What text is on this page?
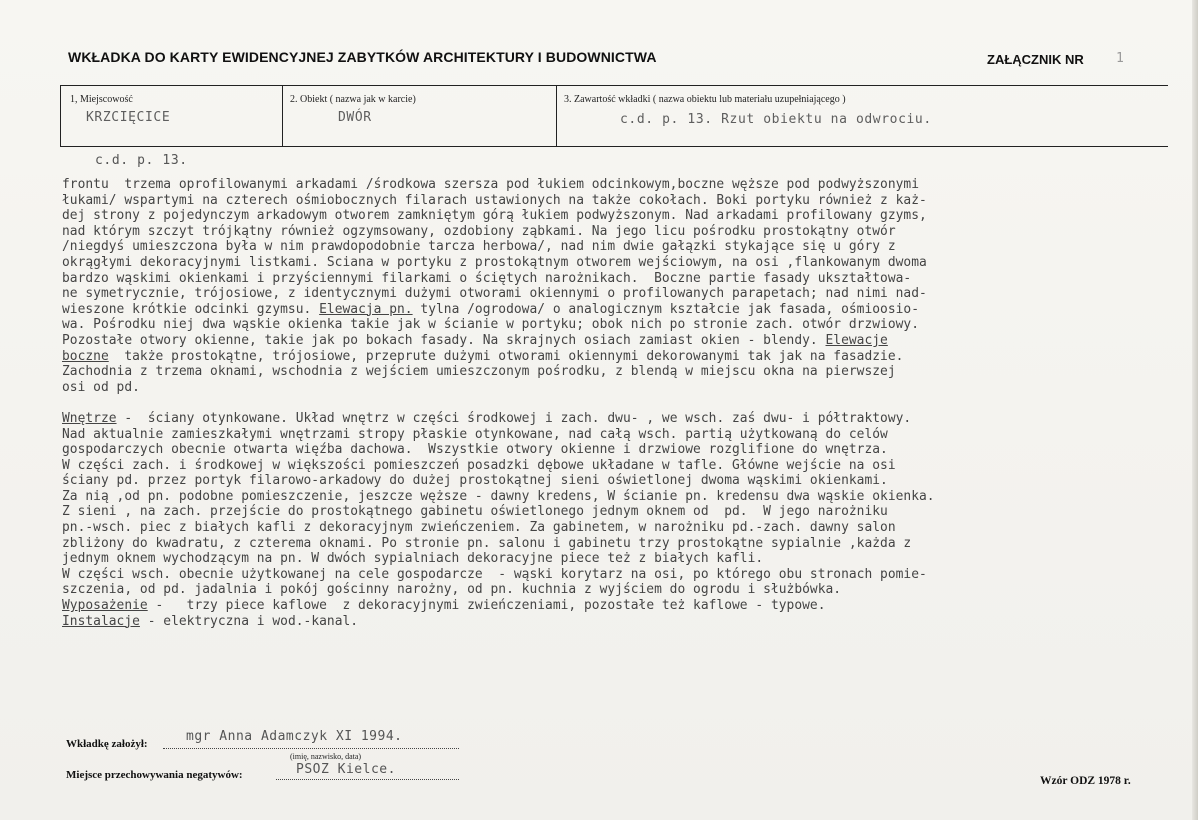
WKŁADKA DO KARTY EWIDENCYJNEJ ZABYTKÓW ARCHITEKTURY I BUDOWNICTWA	ZAŁĄCZNIK NR 1
1, Miejscowość
KRZCIĘCICE
2. Obiekt ( nazwa jak w karcie)
DWÓR
3. Zawartość wkładki ( nazwa obiektu lub materiału uzupełniającego )
c.d. p. 13. Rzut obiektu na odwrociu.
c.d. p. 13.
frontu  trzema oprofilowanymi arkadami /środkowa szersza pod łukiem odcinkowym,boczne węższe pod podwyższonymi
łukami/ wspartymi na czterech ośmiobocznych filarach ustawionych na także cokołach. Boki portyku również z każ-
dej strony z pojedynczym arkadowym otworem zamkniętym górą łukiem podwyższonym. Nad arkadami profilowany gzyms,
nad którym szczyt trójkątny również ogzymsowany, ozdobiony ząbkami. Na jego licu pośrodku prostokątny otwór
/niegdyś umieszczona była w nim prawdopodobnie tarcza herbowa/, nad nim dwie gałązki stykające się u góry z
okrągłymi dekoracyjnymi listkami. Sciana w portyku z prostokątnym otworem wejściowym, na osi ,flankowanym dwoma
bardzo wąskimi okienkami i przyściennymi filarkami o ściętych narożnikach.  Boczne partie fasady ukształtowa-
ne symetrycznie, trójosiowe, z identycznymi dużymi otworami okiennymi o profilowanych parapetach; nad nimi nad-
wieszone krótkie odcinki gzymsu. Elewacja pn. tylna /ogrodowa/ o analogicznym kształcie jak fasada, ośmioosio-
wa. Pośrodku niej dwa wąskie okienka takie jak w ścianie w portyku; obok nich po stronie zach. otwór drzwiowy.
Pozostałe otwory okienne, takie jak po bokach fasady. Na skrajnych osiach zamiast okien - blendy. Elewacje
boczne  także prostokątne, trójosiowe, przeprute dużymi otworami okiennymi dekorowanymi tak jak na fasadzie.
Zachodnia z trzema oknami, wschodnia z wejściem umieszczonym pośrodku, z blendą w miejscu okna na pierwszej
osi od pd.
Wnętrze -  ściany otynkowane. Układ wnętrz w części środkowej i zach. dwu- , we wsch. zaś dwu- i półtraktowy.
Nad aktualnie zamieszkałymi wnętrzami stropy płaskie otynkowane, nad całą wsch. partią użytkowaną do celów
gospodarczych obecnie otwarta więźba dachowa.  Wszystkie otwory okienne i drzwiowe rozglifione do wnętrza.
W części zach. i środkowej w większości pomieszczeń posadzki dębowe układane w tafle. Główne wejście na osi
ściany pd. przez portyk filarowo-arkadowy do dużej prostokątnej sieni oświetlonej dwoma wąskimi okienkami.
Za nią ,od pn. podobne pomieszczenie, jeszcze węższe - dawny kredens, W ścianie pn. kredensu dwa wąskie okienka.
Z sieni , na zach. przejście do prostokątnego gabinetu oświetlonego jednym oknem od  pd.  W jego narożniku
pn.-wsch. piec z białych kafli z dekoracyjnym zwieńczeniem. Za gabinetem, w narożniku pd.-zach. dawny salon
zbliżony do kwadratu, z czterema oknami. Po stronie pn. salonu i gabinetu trzy prostokątne sypialnie ,każda z
jednym oknem wychodzącym na pn. W dwóch sypialniach dekoracyjne piece też z białych kafli.
W części wsch. obecnie użytkowanej na cele gospodarcze  - wąski korytarz na osi, po którego obu stronach pomie-
szczenia, od pd. jadalnia i pokój gościnny narożny, od pn. kuchnia z wyjściem do ogrodu i służbówka.
Wyposażenie -   trzy piece kaflowe  z dekoracyjnymi zwieńczeniami, pozostałe też kaflowe - typowe.
Instalacje - elektryczna i wod.-kanal.
Wkładkę założył:	mgr Anna Adamczyk XI 1994.
(imię, nazwisko, data)
Miejsce przechowywania negatywów:	PSOZ Kielce.
Wzór ODZ 1978 r.
